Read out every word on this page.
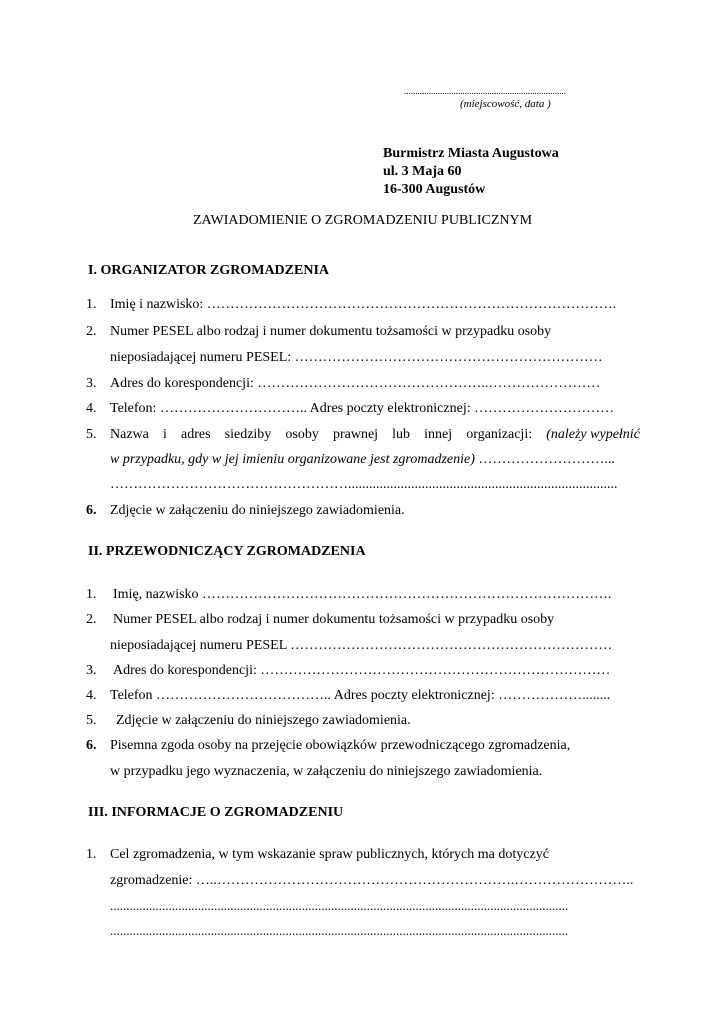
........................................................................
(miejscowość, data )
Burmistrz Miasta Augustowa
ul. 3 Maja 60
16-300 Augustów
ZAWIADOMIENIE O ZGROMADZENIU PUBLICZNYM
I. ORGANIZATOR ZGROMADZENIA
1. Imię i nazwisko: …………………………………………………………………………….
2. Numer PESEL albo rodzaj i numer dokumentu tożsamości w przypadku osoby
nieposiadającej numeru PESEL: …………………………………………………………
3. Adres do korespondencji: …………………………………………..……………………
4. Telefon: ………………………….. Adres poczty elektronicznej: …………………………
5. Nazwa i adres siedziby osoby prawnej lub innej organizacji: (należy wypełnić
w przypadku, gdy w jej imieniu organizowane jest zgromadzenie) ………………………...
…………………………………………….............................................................................
6. Zdjęcie w załączeniu do niniejszego zawiadomienia.
II. PRZEWODNICZĄCY ZGROMADZENIA
1. Imię, nazwisko …………………………………………………………………………….
2. Numer PESEL albo rodzaj i numer dokumentu tożsamości w przypadku osoby
nieposiadającej numeru PESEL ……………………………………………………………
3. Adres do korespondencji: …………………………………………………………………
4. Telefon ……………………………….. Adres poczty elektronicznej: ………………........
5. Zdjęcie w załączeniu do niniejszego zawiadomienia.
6. Pisemna zgoda osoby na przejęcie obowiązków przewodniczącego zgromadzenia,
w przypadku jego wyznaczenia, w załączeniu do niniejszego zawiadomienia.
III. INFORMACJE O ZGROMADZENIU
1. Cel zgromadzenia, w tym wskazanie spraw publicznych, których ma dotyczyć
zgromadzenie: …..……………………………………………………….……………………..
.............................................................................................................................................
.............................................................................................................................................
